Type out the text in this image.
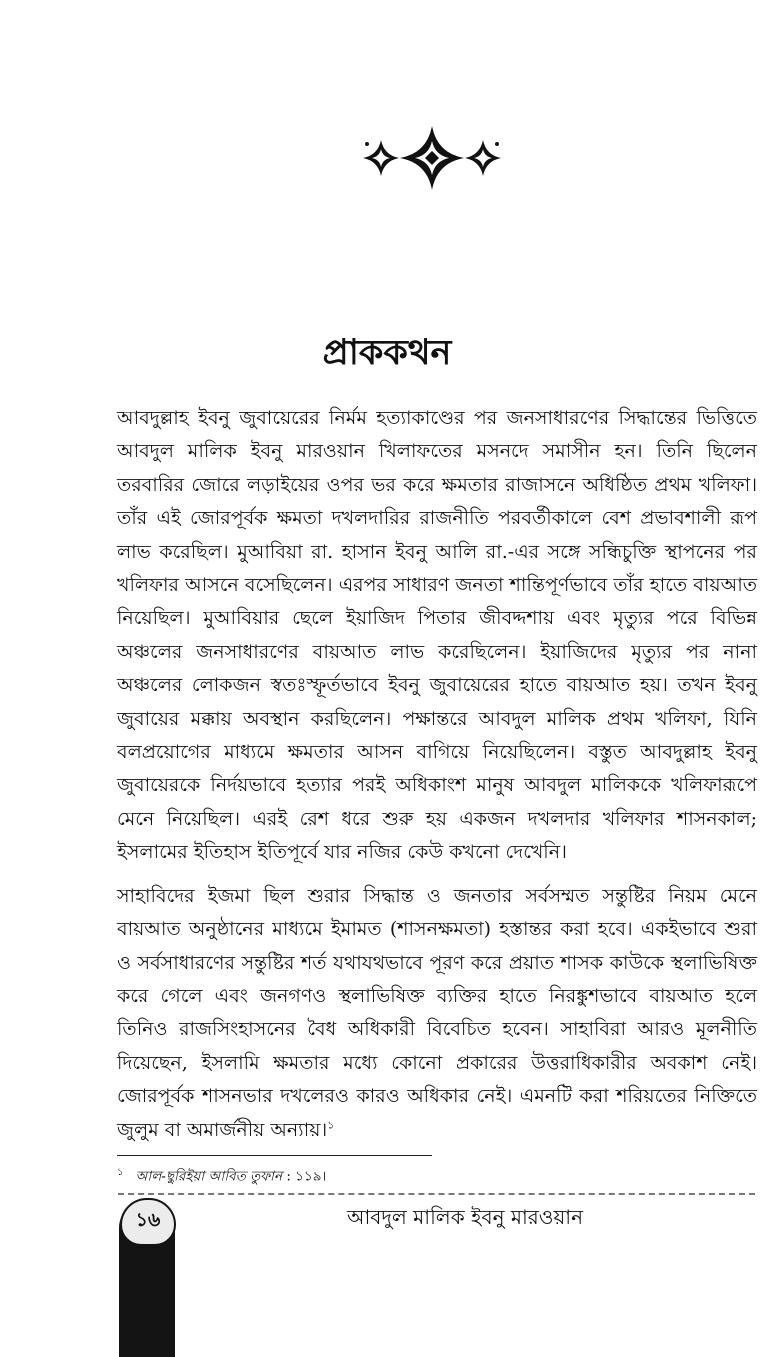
প্রাককথন

আবদুল্লাহ ইবনু জুবায়েরের নির্মম হত্যাকাণ্ডের পর জনসাধারণের সিদ্ধান্তের ভিত্তিতে আবদুল মালিক ইবনু মারওয়ান খিলাফতের মসনদে সমাসীন হন। তিনি ছিলেন তরবারির জোরে লড়াইয়ের ওপর ভর করে ক্ষমতার রাজাসনে অধিষ্ঠিত প্রথম খলিফা। তাঁর এই জোরপূর্বক ক্ষমতা দখলদারির রাজনীতি পরবর্তীকালে বেশ প্রভাবশালী রূপ লাভ করেছিল। মুআবিয়া রা. হাসান ইবনু আলি রা.-এর সঙ্গে সন্ধিচুক্তি স্থাপনের পর খলিফার আসনে বসেছিলেন। এরপর সাধারণ জনতা শান্তিপূর্ণভাবে তাঁর হাতে বায়আত নিয়েছিল। মুআবিয়ার ছেলে ইয়াজিদ পিতার জীবদ্দশায় এবং মৃত্যুর পরে বিভিন্ন অঞ্চলের জনসাধারণের বায়আত লাভ করেছিলেন। ইয়াজিদের মৃত্যুর পর নানা অঞ্চলের লোকজন স্বতঃস্ফূর্তভাবে ইবনু জুবায়েরের হাতে বায়আত হয়। তখন ইবনু জুবায়ের মক্কায় অবস্থান করছিলেন। পক্ষান্তরে আবদুল মালিক প্রথম খলিফা, যিনি বলপ্রয়োগের মাধ্যমে ক্ষমতার আসন বাগিয়ে নিয়েছিলেন। বস্তুত আবদুল্লাহ ইবনু জুবায়েরকে নির্দয়ভাবে হত্যার পরই অধিকাংশ মানুষ আবদুল মালিককে খলিফারূপে মেনে নিয়েছিল। এরই রেশ ধরে শুরু হয় একজন দখলদার খলিফার শাসনকাল; ইসলামের ইতিহাস ইতিপূর্বে যার নজির কেউ কখনো দেখেনি।

সাহাবিদের ইজমা ছিল শুরার সিদ্ধান্ত ও জনতার সর্বসম্মত সন্তুষ্টির নিয়ম মেনে বায়আত অনুষ্ঠানের মাধ্যমে ইমামত (শাসনক্ষমতা) হস্তান্তর করা হবে। একইভাবে শুরা ও সর্বসাধারণের সন্তুষ্টির শর্ত যথাযথভাবে পূরণ করে প্রয়াত শাসক কাউকে স্থলাভিষিক্ত করে গেলে এবং জনগণও স্থলাভিষিক্ত ব্যক্তির হাতে নিরঙ্কুশভাবে বায়আত হলে তিনিও রাজসিংহাসনের বৈধ অধিকারী বিবেচিত হবেন। সাহাবিরা আরও মূলনীতি দিয়েছেন, ইসলামি ক্ষমতার মধ্যে কোনো প্রকারের উত্তরাধিকারীর অবকাশ নেই। জোরপূর্বক শাসনভার দখলেরও কারও অধিকার নেই। এমনটি করা শরিয়তের নিক্তিতে জুলুম বা অমার্জনীয় অন্যায়।$^১$

$^১$ আল-ছুরিইয়া আবিত তুফান : ১১৯।
১৬	আবদুল মালিক ইবনু মারওয়ান
